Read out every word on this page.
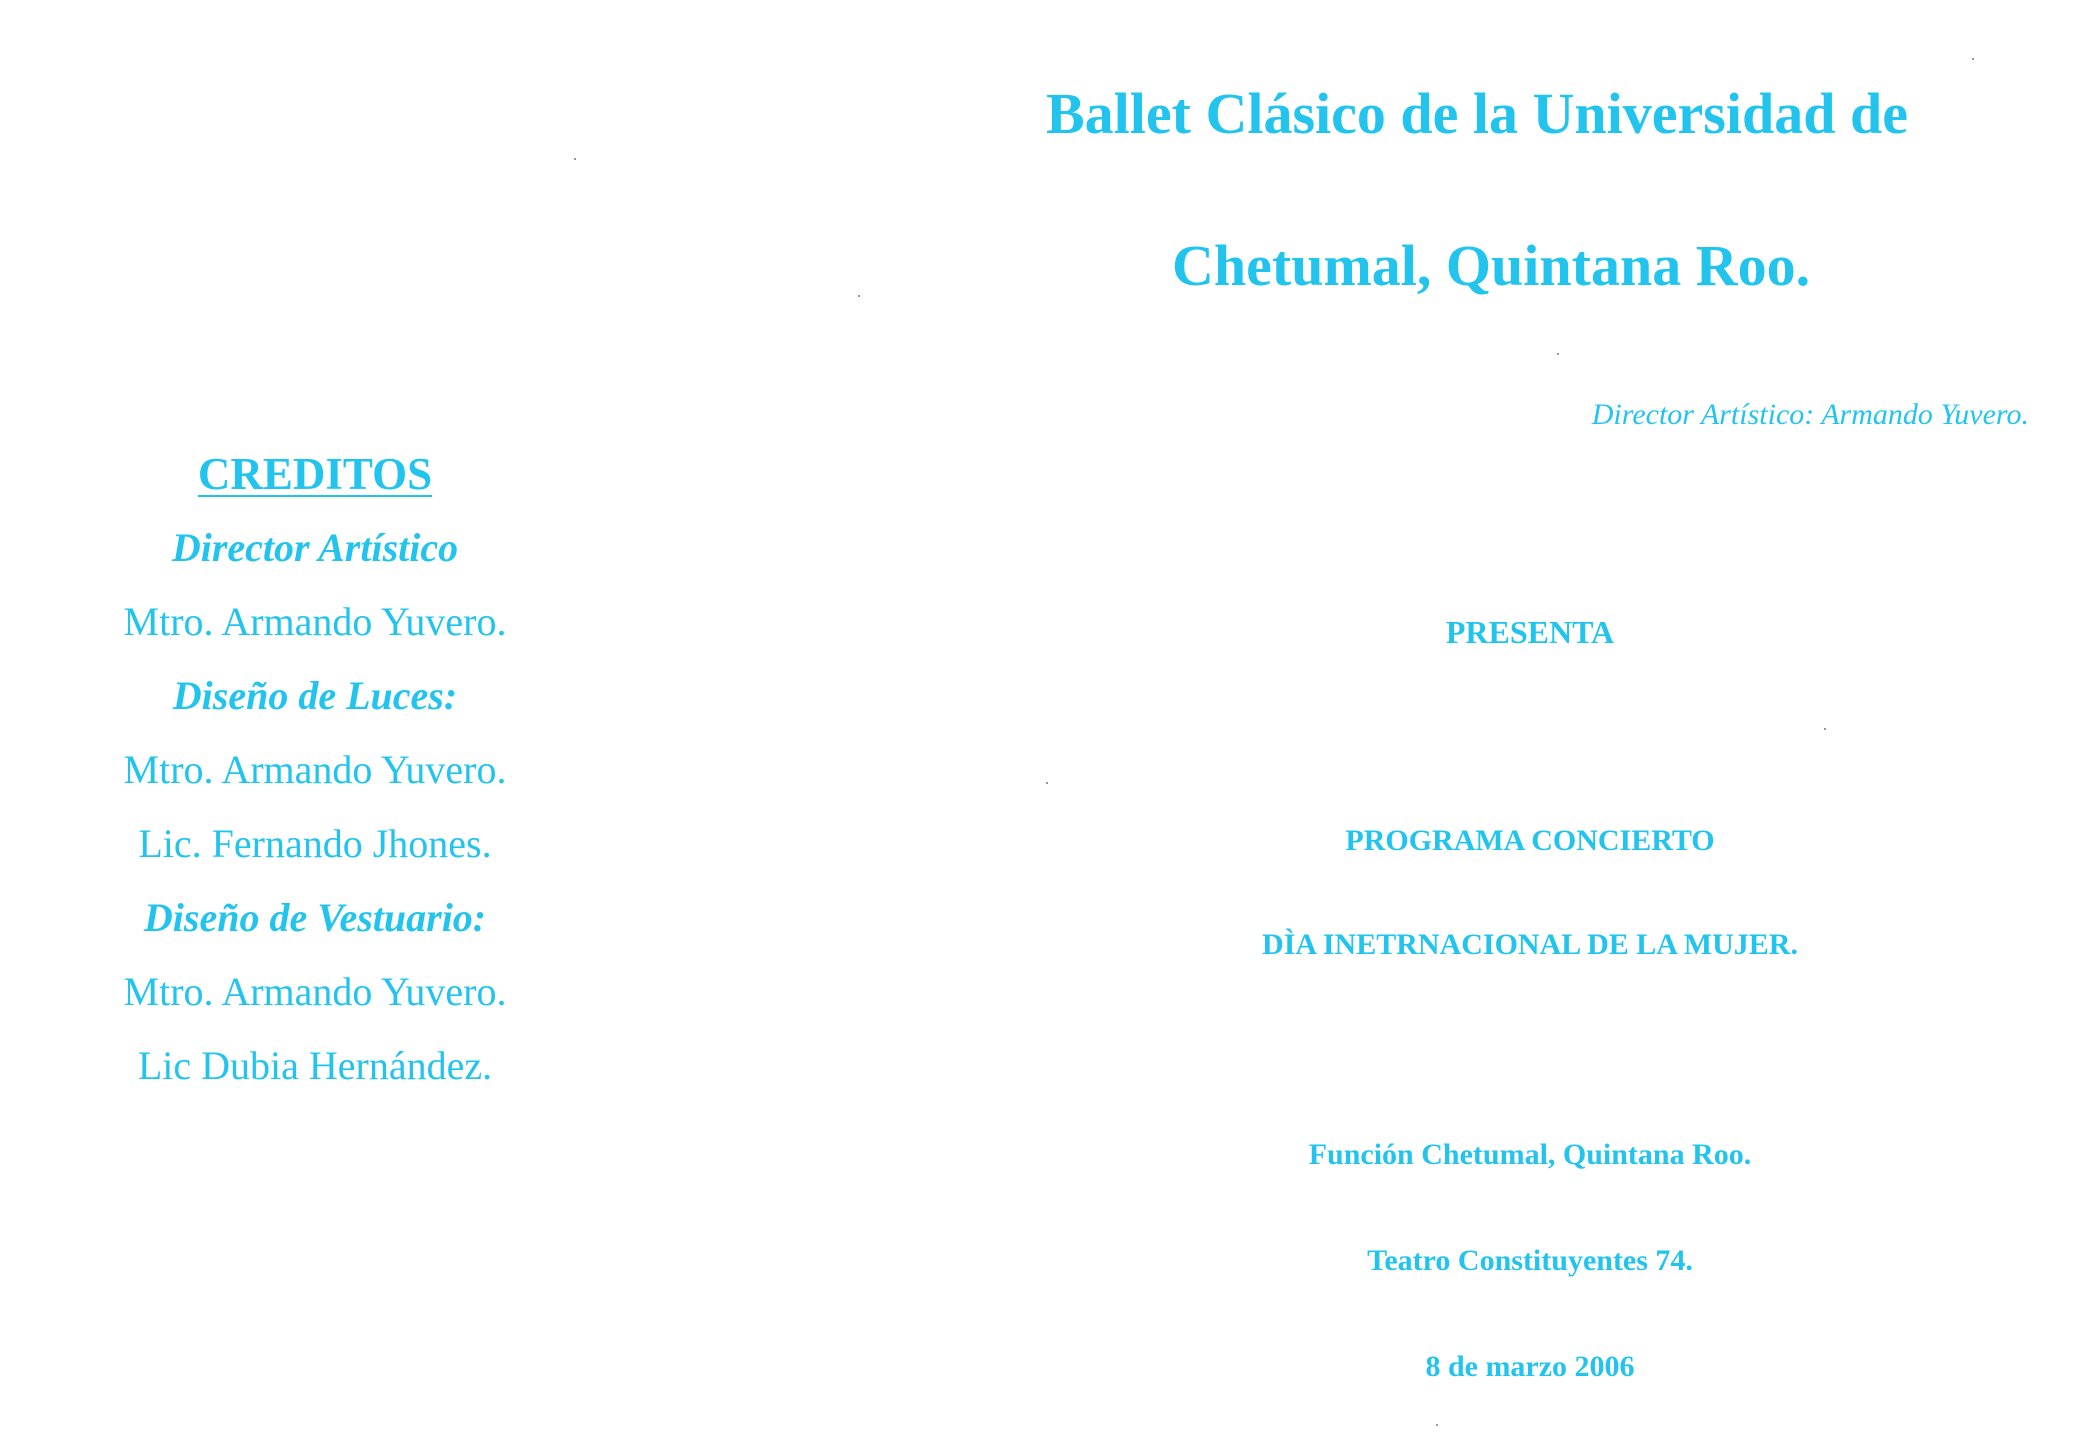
CREDITOS
Director Artístico
Mtro. Armando Yuvero.
Diseño de Luces:
Mtro. Armando Yuvero.
Lic. Fernando Jhones.
Diseño de Vestuario:
Mtro. Armando Yuvero.
Lic Dubia Hernández.
Ballet Clásico de la Universidad de
Chetumal, Quintana Roo.
Director Artístico: Armando Yuvero.
PRESENTA
PROGRAMA CONCIERTO
DÌA INETRNACIONAL DE LA MUJER.
Función Chetumal, Quintana Roo.
Teatro Constituyentes 74.
8 de marzo 2006
